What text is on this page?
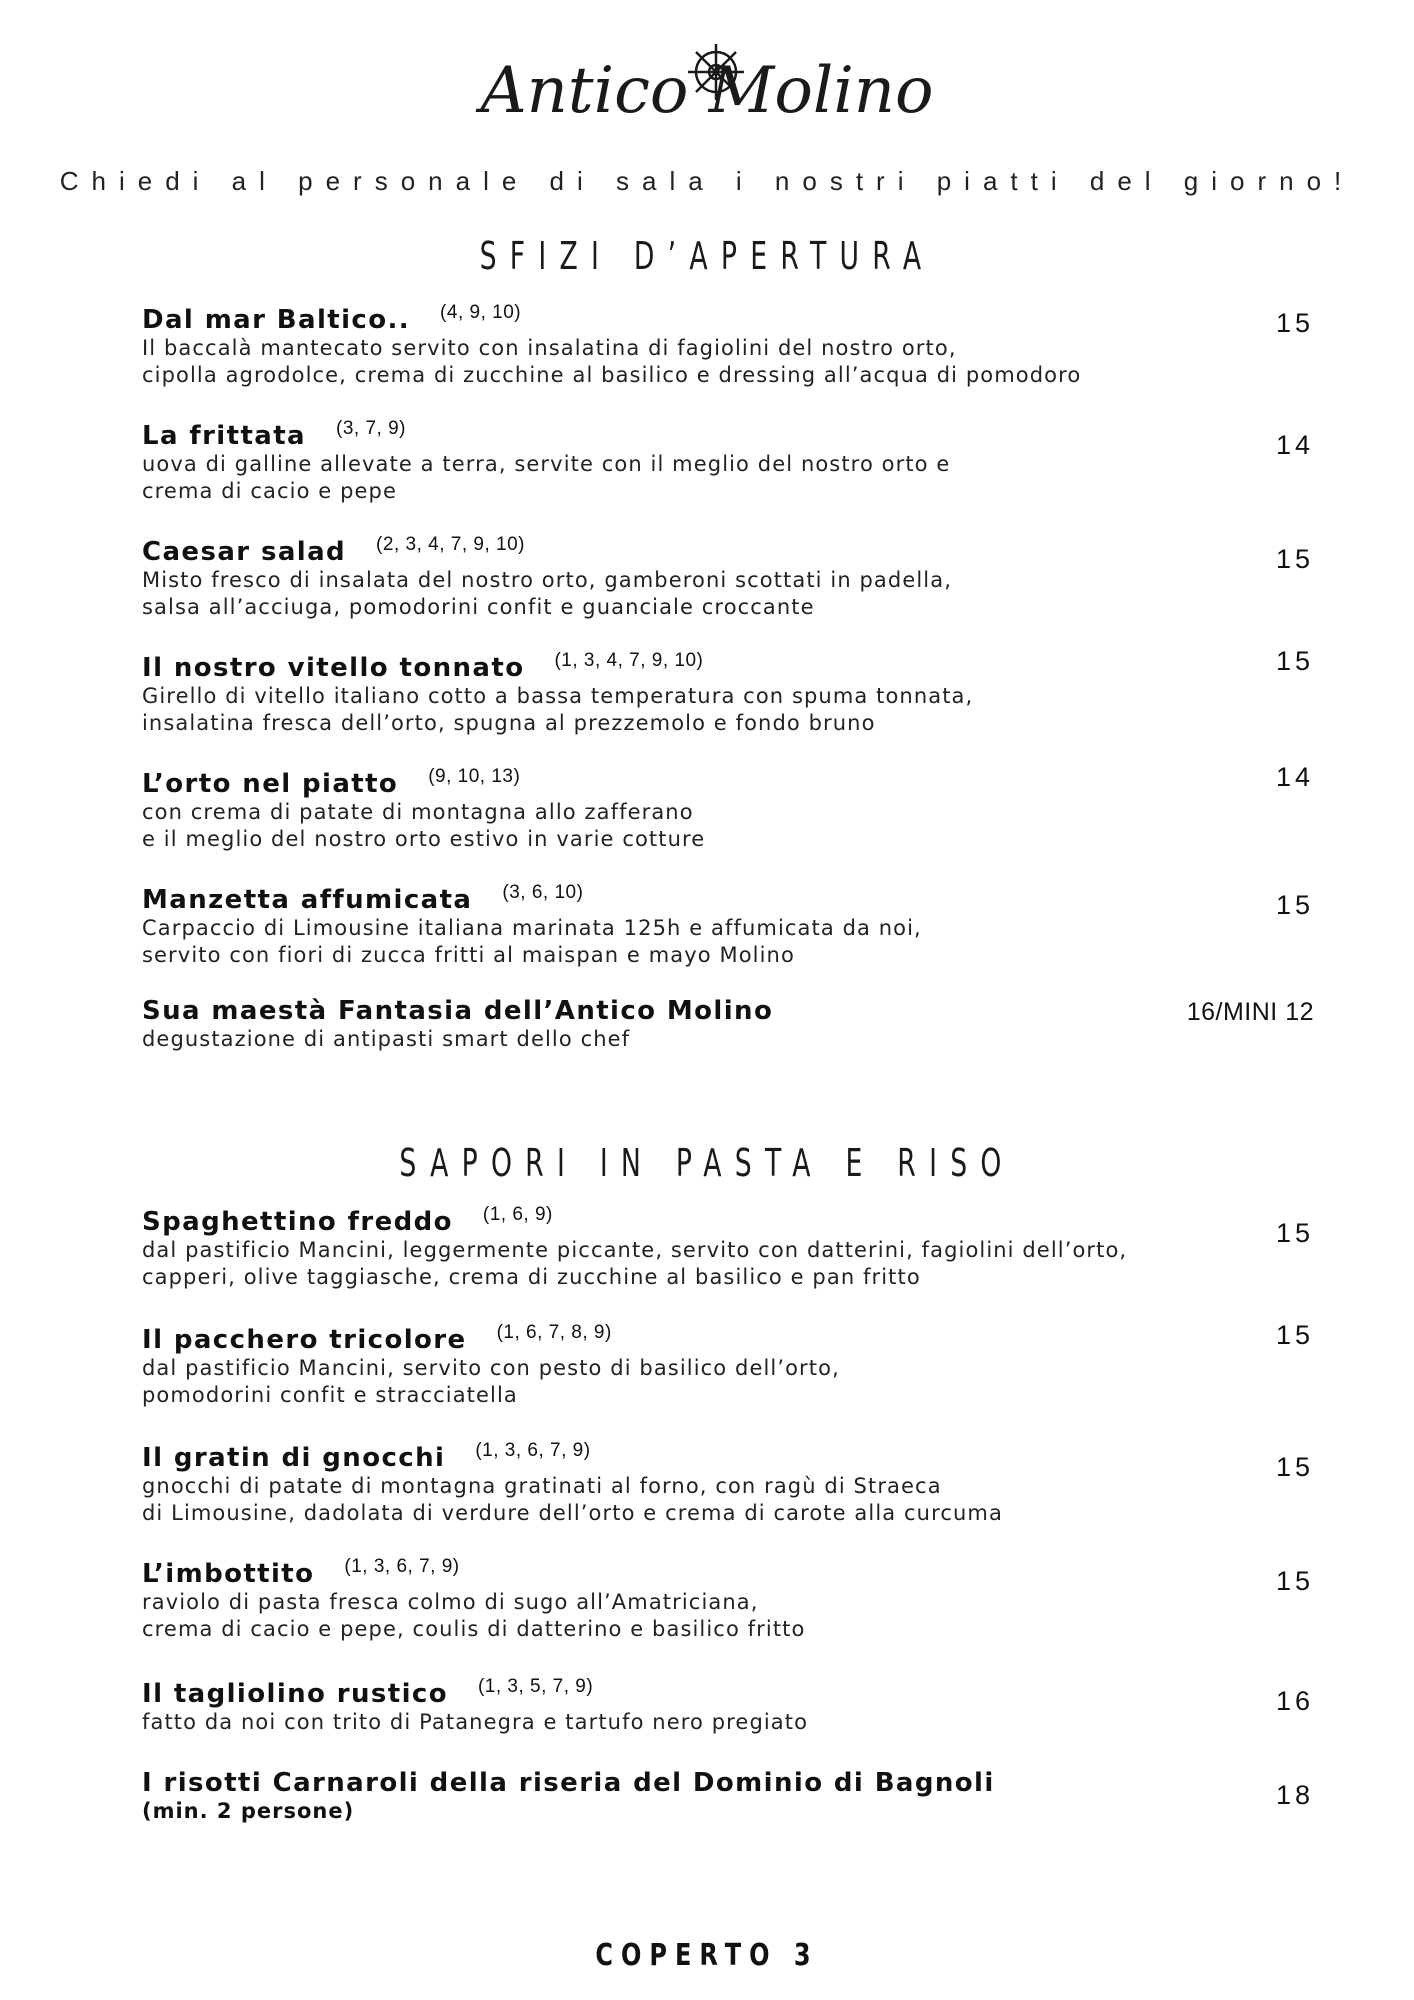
Antico Molino
Chiedi al personale di sala i nostri piatti del giorno!
SFIZI D’APERTURA
Dal mar Baltico.. (4, 9, 10)
Il baccalà mantecato servito con insalatina di fagiolini del nostro orto,
cipolla agrodolce, crema di zucchine al basilico e dressing all’acqua di pomodoro
15
La frittata (3, 7, 9)
uova di galline allevate a terra, servite con il meglio del nostro orto e
crema di cacio e pepe
14
Caesar salad (2, 3, 4, 7, 9, 10)
Misto fresco di insalata del nostro orto, gamberoni scottati in padella,
salsa all’acciuga, pomodorini confit e guanciale croccante
15
Il nostro vitello tonnato (1, 3, 4, 7, 9, 10)
Girello di vitello italiano cotto a bassa temperatura con spuma tonnata,
insalatina fresca dell’orto, spugna al prezzemolo e fondo bruno
15
L’orto nel piatto (9, 10, 13)
con crema di patate di montagna allo zafferano
e il meglio del nostro orto estivo in varie cotture
14
Manzetta affumicata (3, 6, 10)
Carpaccio di Limousine italiana marinata 125h e affumicata da noi,
servito con fiori di zucca fritti al maispan e mayo Molino
15
Sua maestà Fantasia dell’Antico Molino
degustazione di antipasti smart dello chef
16/MINI 12
SAPORI IN PASTA E RISO
Spaghettino freddo (1, 6, 9)
dal pastificio Mancini, leggermente piccante, servito con datterini, fagiolini dell’orto,
capperi, olive taggiasche, crema di zucchine al basilico e pan fritto
15
Il pacchero tricolore (1, 6, 7, 8, 9)
dal pastificio Mancini, servito con pesto di basilico dell’orto,
pomodorini confit e stracciatella
15
Il gratin di gnocchi (1, 3, 6, 7, 9)
gnocchi di patate di montagna gratinati al forno, con ragù di Straeca
di Limousine, dadolata di verdure dell’orto e crema di carote alla curcuma
15
L’imbottito (1, 3, 6, 7, 9)
raviolo di pasta fresca colmo di sugo all’Amatriciana,
crema di cacio e pepe, coulis di datterino e basilico fritto
15
Il tagliolino rustico (1, 3, 5, 7, 9)
fatto da noi con trito di Patanegra e tartufo nero pregiato
16
I risotti Carnaroli della riseria del Dominio di Bagnoli
(min. 2 persone)
18
COPERTO 3
